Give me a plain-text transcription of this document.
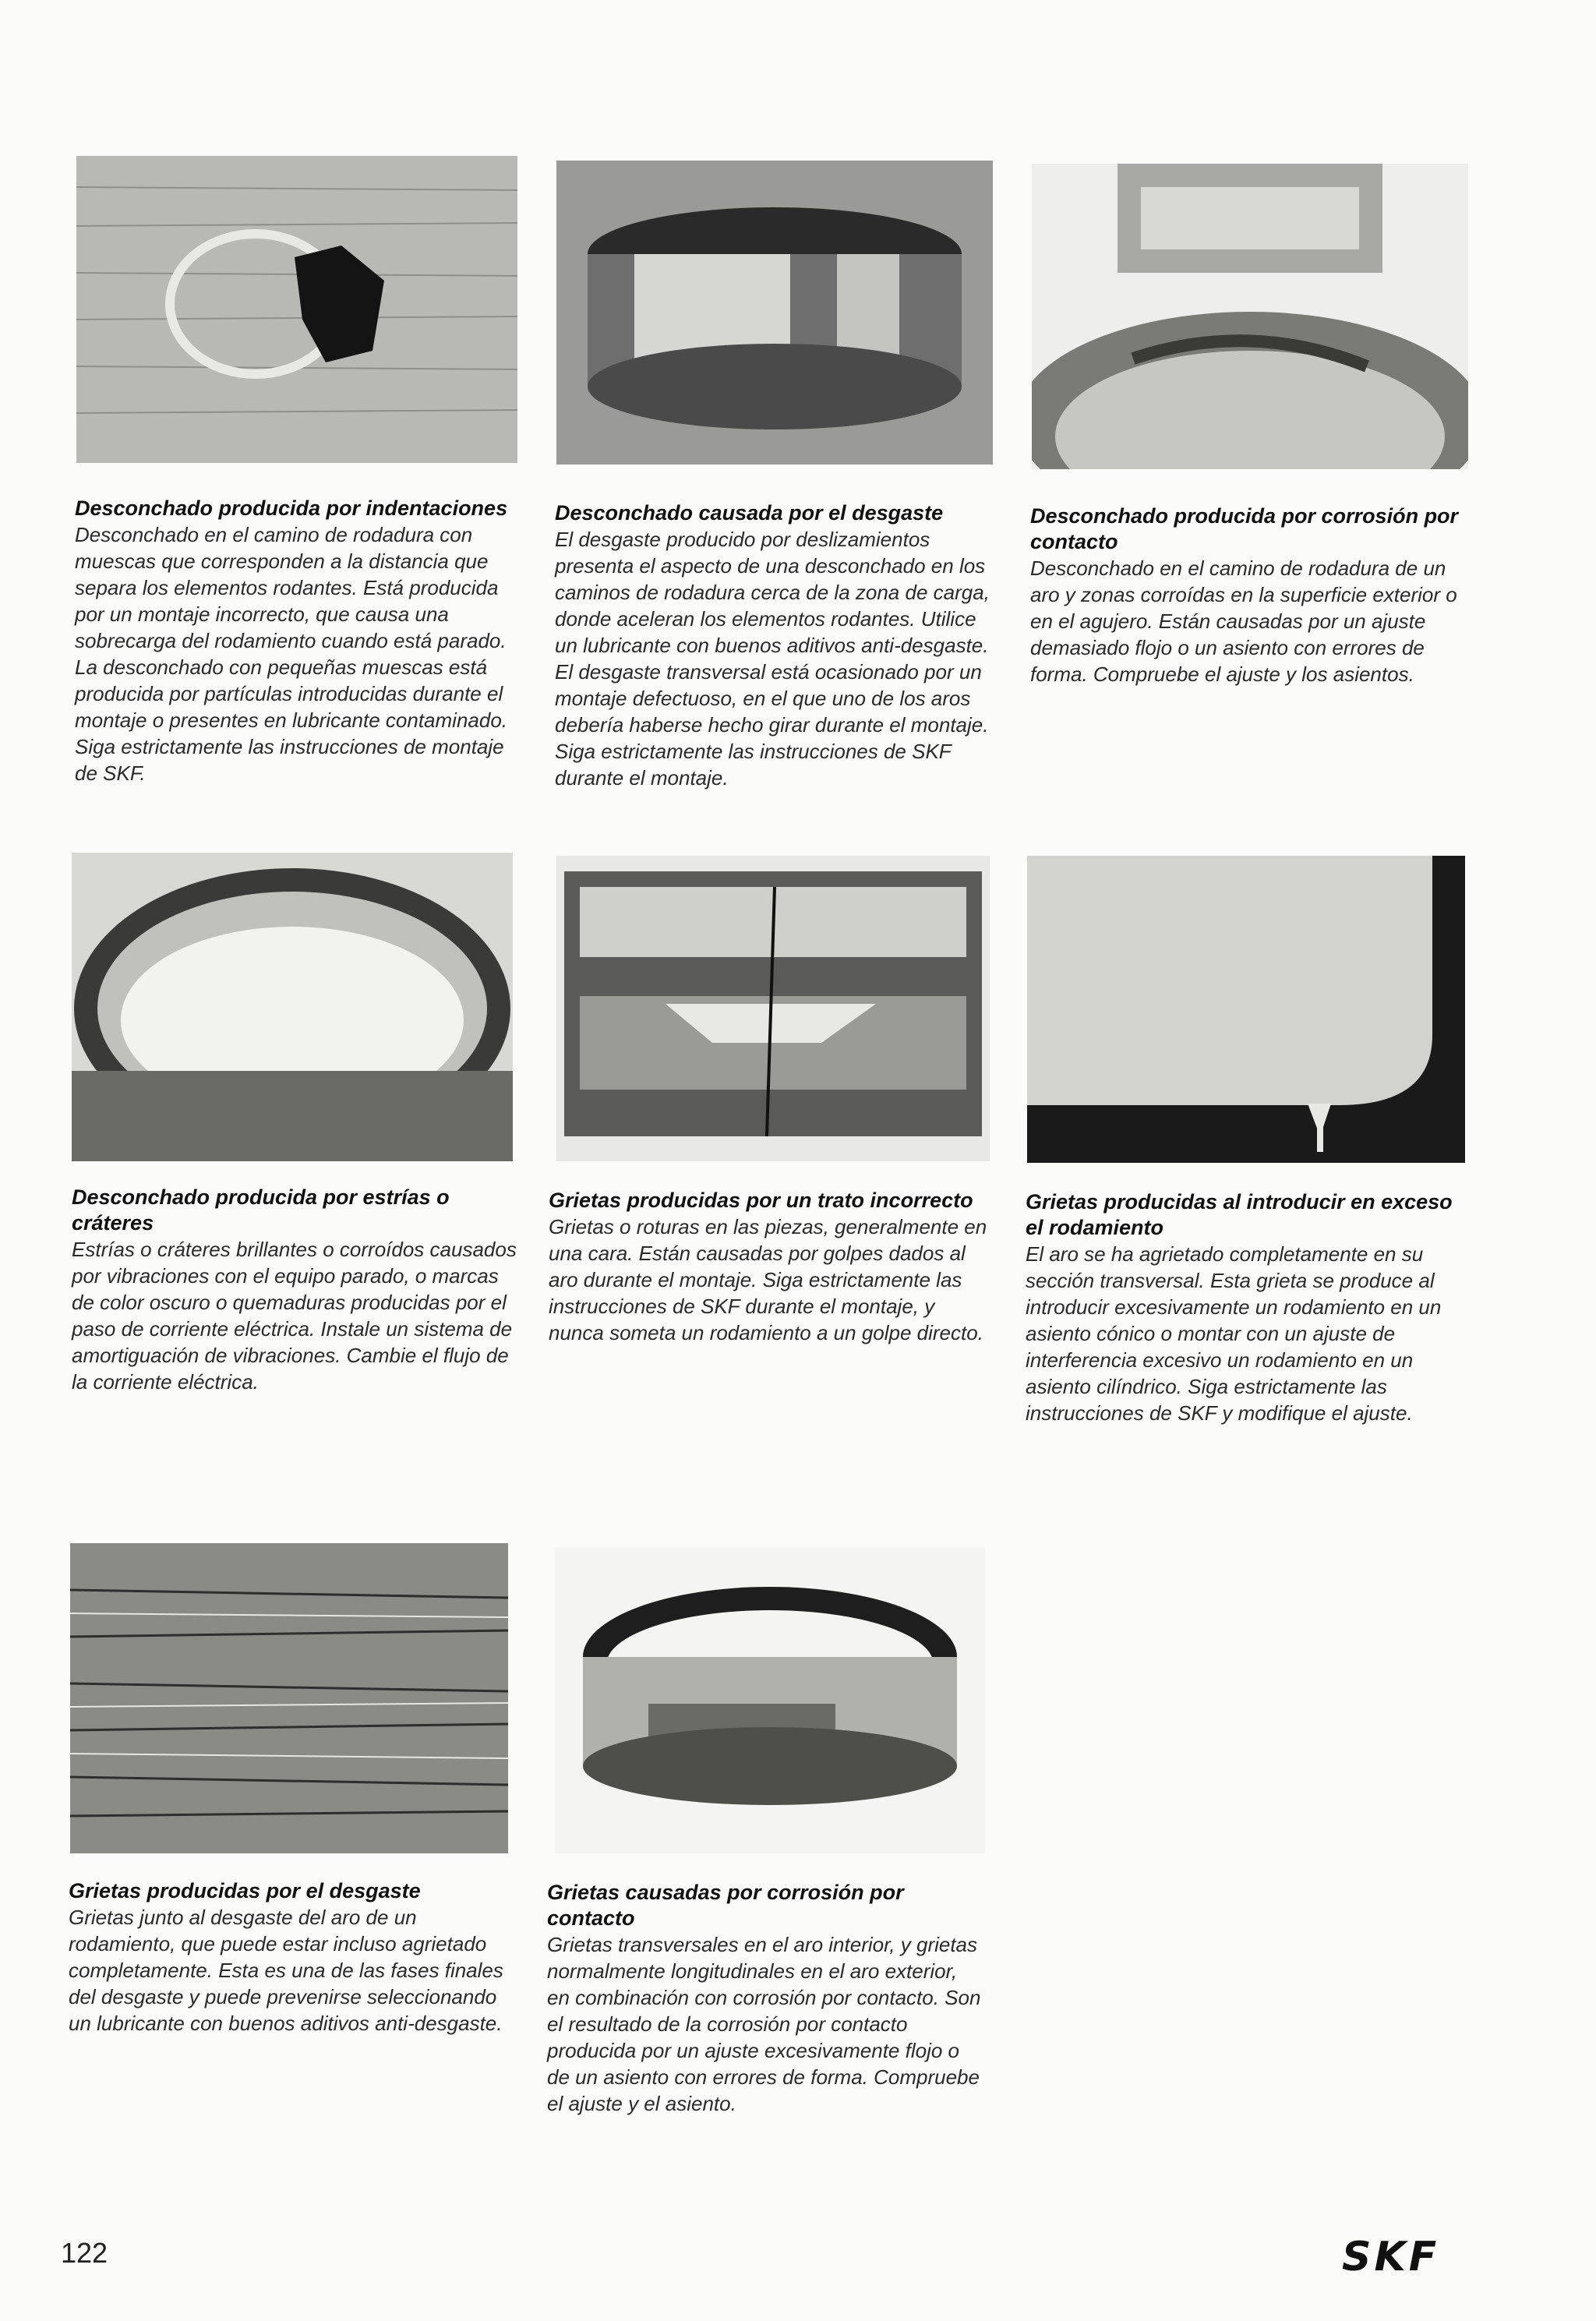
Desconchado producida por indentaciones

Desconchado en el camino de rodadura con muescas que corresponden a la distancia que separa los elementos rodantes. Está producida por un montaje incorrecto, que causa una sobrecarga del rodamiento cuando está parado. La desconchado con pequeñas muescas está producida por partículas introducidas durante el montaje o presentes en lubricante contaminado. Siga estrictamente las instrucciones de montaje de SKF.

Desconchado causada por el desgaste

El desgaste producido por deslizamientos presenta el aspecto de una desconchado en los caminos de rodadura cerca de la zona de carga, donde aceleran los elementos rodantes. Utilice un lubricante con buenos aditivos anti-desgaste. El desgaste transversal está ocasionado por un montaje defectuoso, en el que uno de los aros debería haberse hecho girar durante el montaje. Siga estrictamente las instrucciones de SKF durante el montaje.

Desconchado producida por corrosión por contacto

Desconchado en el camino de rodadura de un aro y zonas corroídas en la superficie exterior o en el agujero. Están causadas por un ajuste demasiado flojo o un asiento con errores de forma. Compruebe el ajuste y los asientos.

Desconchado producida por estrías o cráteres

Estrías o cráteres brillantes o corroídos causados por vibraciones con el equipo parado, o marcas de color oscuro o quemaduras producidas por el paso de corriente eléctrica. Instale un sistema de amortiguación de vibraciones. Cambie el flujo de la corriente eléctrica.

Grietas producidas por un trato incorrecto

Grietas o roturas en las piezas, generalmente en una cara. Están causadas por golpes dados al aro durante el montaje. Siga estrictamente las instrucciones de SKF durante el montaje, y nunca someta un rodamiento a un golpe directo.

Grietas producidas al introducir en exceso el rodamiento

El aro se ha agrietado completamente en su sección transversal. Esta grieta se produce al introducir excesivamente un rodamiento en un asiento cónico o montar con un ajuste de interferencia excesivo un rodamiento en un asiento cilíndrico. Siga estrictamente las instrucciones de SKF y modifique el ajuste.

Grietas producidas por el desgaste

Grietas junto al desgaste del aro de un rodamiento, que puede estar incluso agrietado completamente. Esta es una de las fases finales del desgaste y puede prevenirse seleccionando un lubricante con buenos aditivos anti-desgaste.

Grietas causadas por corrosión por contacto

Grietas transversales en el aro interior, y grietas normalmente longitudinales en el aro exterior, en combinación con corrosión por contacto. Son el resultado de la corrosión por contacto producida por un ajuste excesivamente flojo o de un asiento con errores de forma. Compruebe el ajuste y el asiento.

122	SKF
